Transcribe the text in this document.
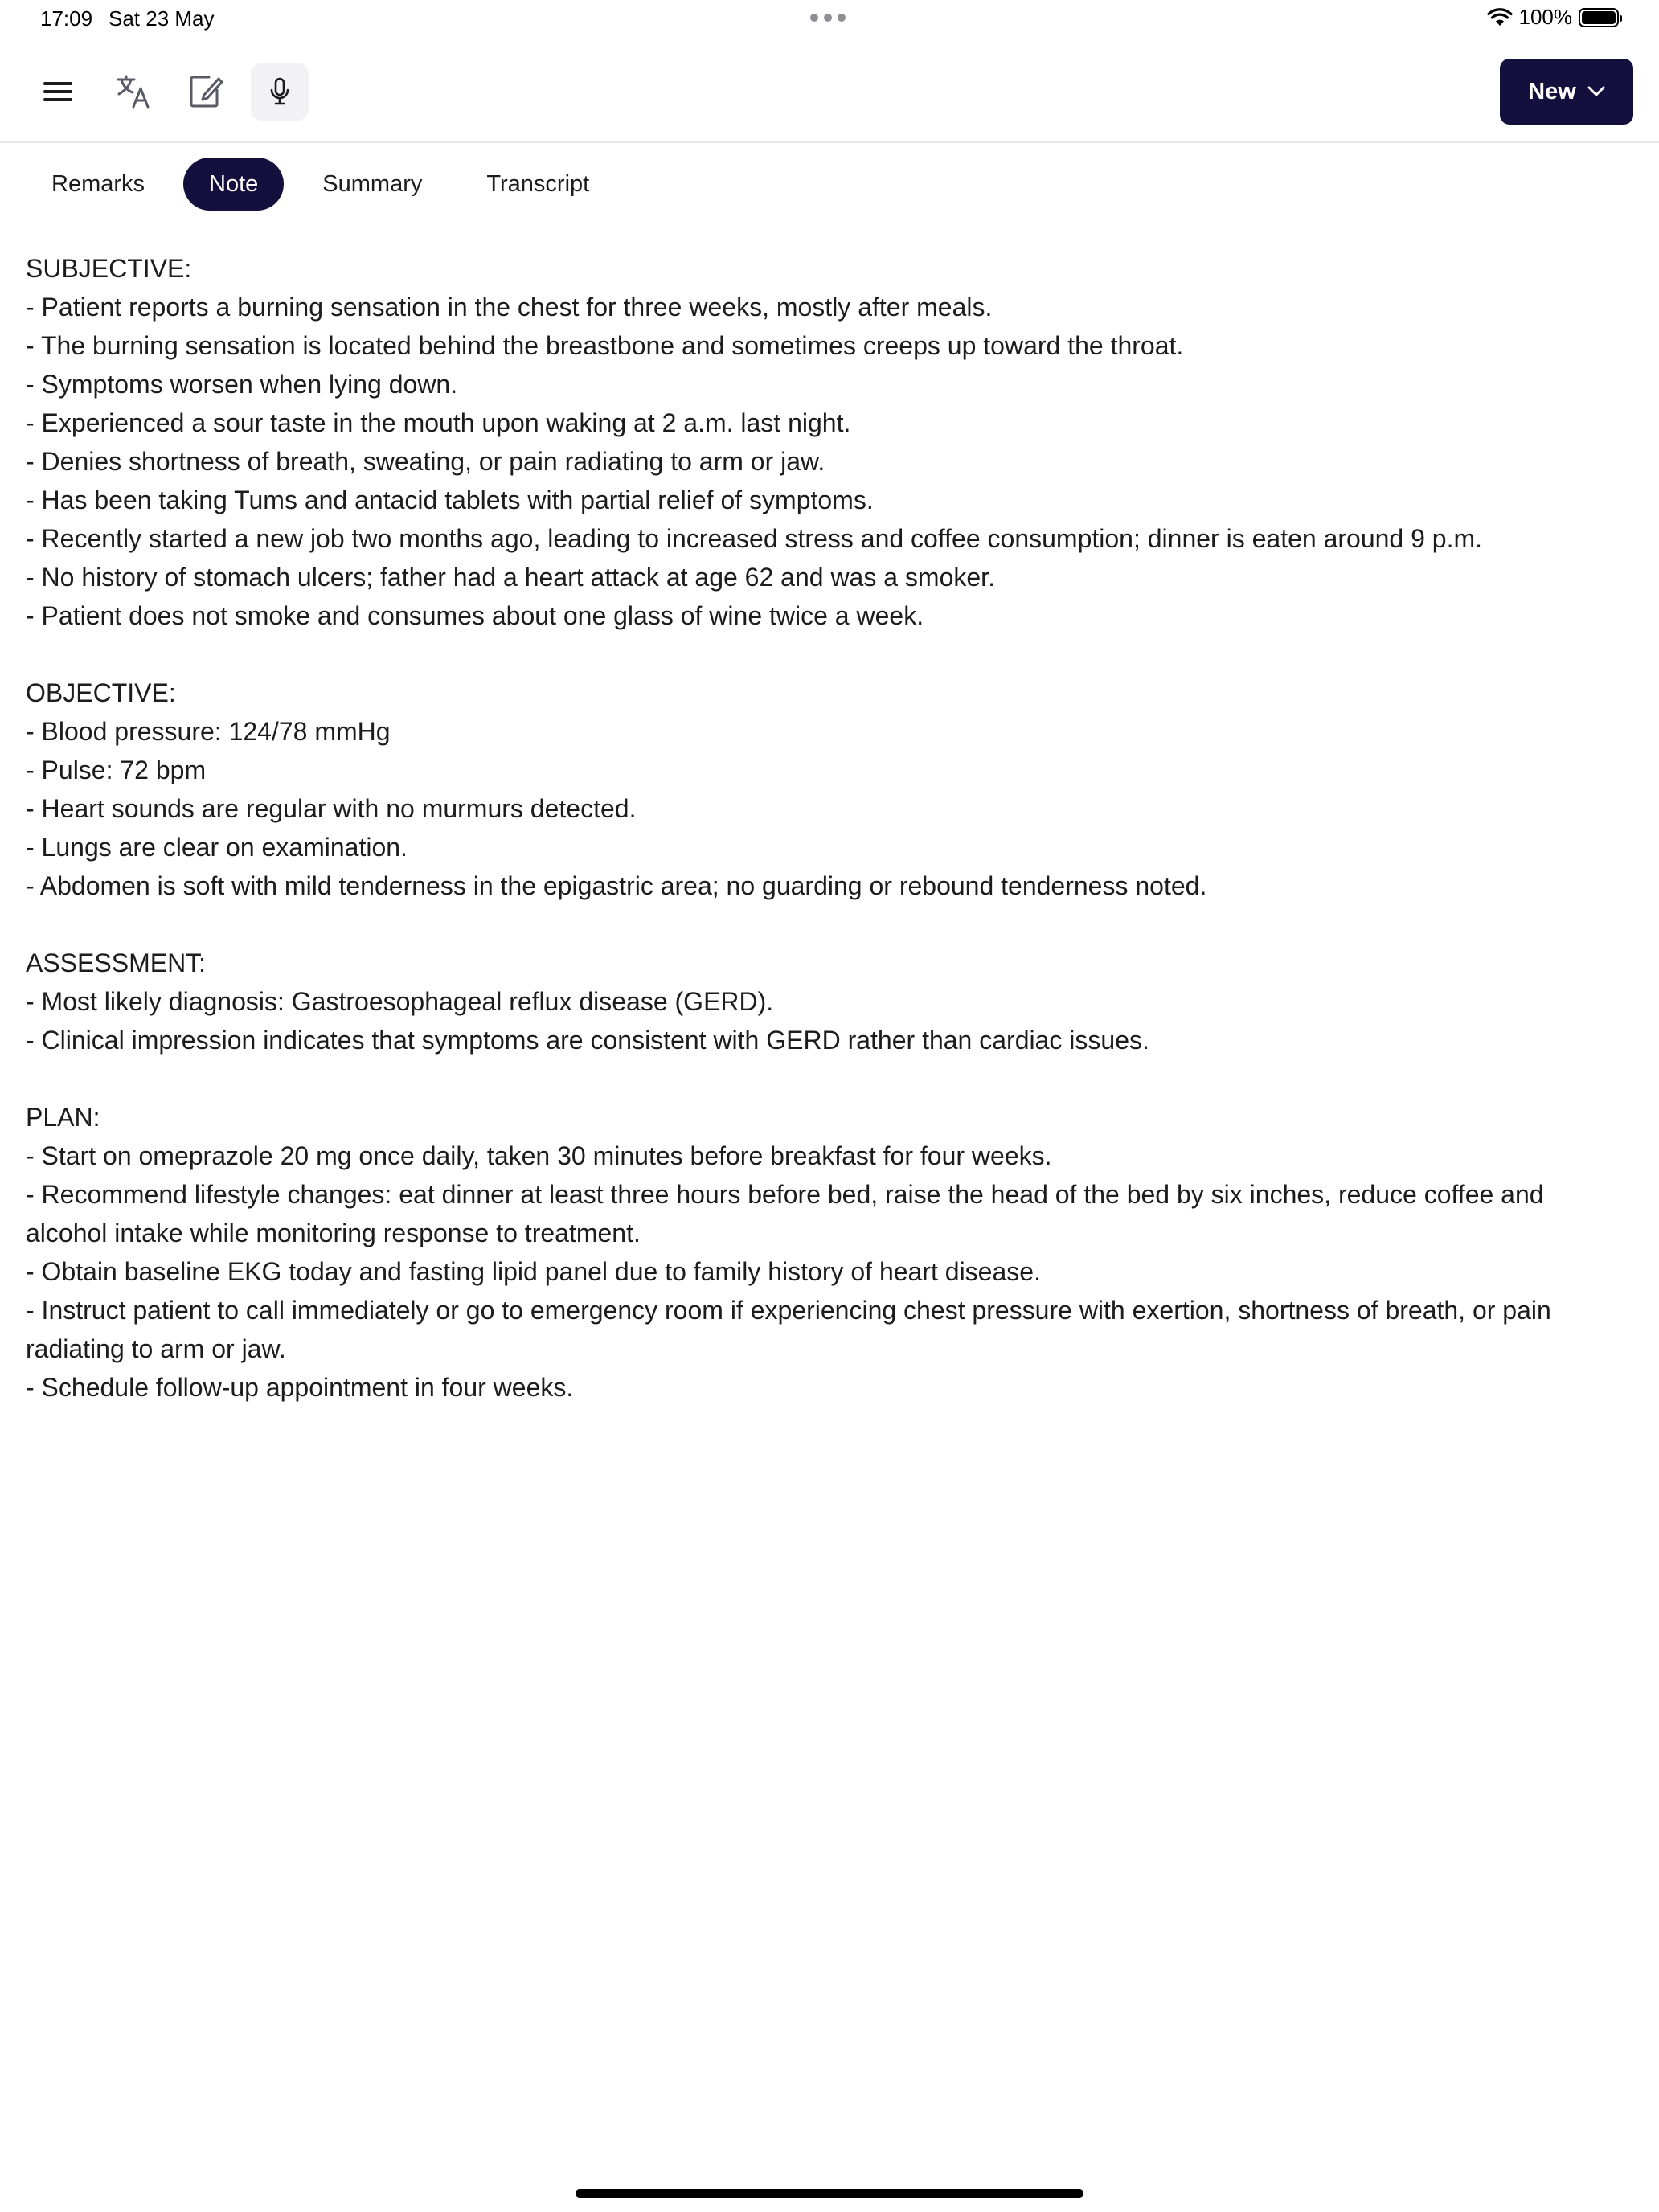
17:09 Sat 23 May	100%
New
Remarks	Note	Summary	Transcript
SUBJECTIVE:
- Patient reports a burning sensation in the chest for three weeks, mostly after meals.
- The burning sensation is located behind the breastbone and sometimes creeps up toward the throat.
- Symptoms worsen when lying down.
- Experienced a sour taste in the mouth upon waking at 2 a.m. last night.
- Denies shortness of breath, sweating, or pain radiating to arm or jaw.
- Has been taking Tums and antacid tablets with partial relief of symptoms.
- Recently started a new job two months ago, leading to increased stress and coffee consumption; dinner is eaten around 9 p.m.
- No history of stomach ulcers; father had a heart attack at age 62 and was a smoker.
- Patient does not smoke and consumes about one glass of wine twice a week.
OBJECTIVE:
- Blood pressure: 124/78 mmHg
- Pulse: 72 bpm
- Heart sounds are regular with no murmurs detected.
- Lungs are clear on examination.
- Abdomen is soft with mild tenderness in the epigastric area; no guarding or rebound tenderness noted.
ASSESSMENT:
- Most likely diagnosis: Gastroesophageal reflux disease (GERD).
- Clinical impression indicates that symptoms are consistent with GERD rather than cardiac issues.
PLAN:
- Start on omeprazole 20 mg once daily, taken 30 minutes before breakfast for four weeks.
- Recommend lifestyle changes: eat dinner at least three hours before bed, raise the head of the bed by six inches, reduce coffee and alcohol intake while monitoring response to treatment.
- Obtain baseline EKG today and fasting lipid panel due to family history of heart disease.
- Instruct patient to call immediately or go to emergency room if experiencing chest pressure with exertion, shortness of breath, or pain radiating to arm or jaw.
- Schedule follow-up appointment in four weeks.
